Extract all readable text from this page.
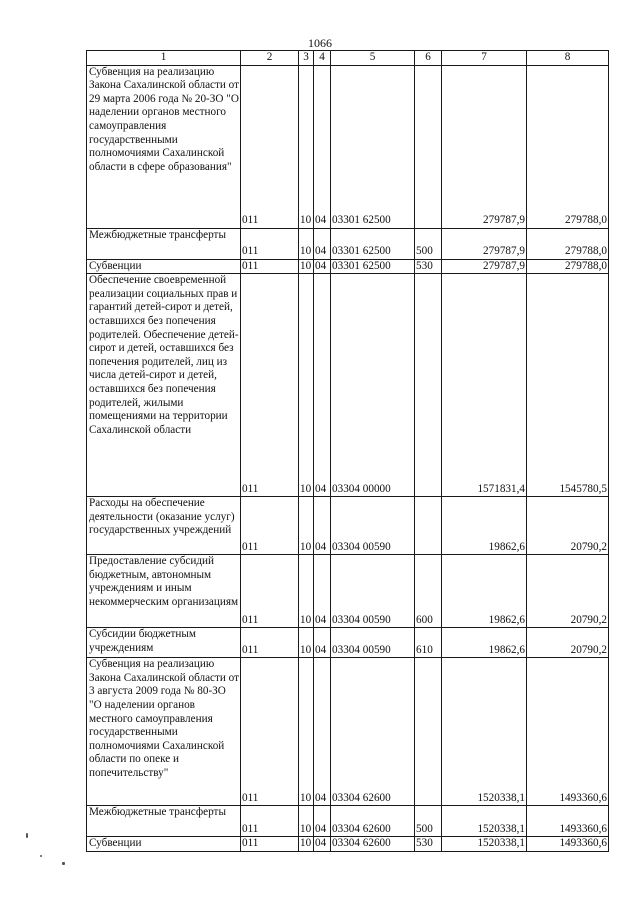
1066
1	2	3	4	5	6	7	8

Субвенция на реализацию Закона Сахалинской области от 29 марта 2006 года № 20-ЗО "О наделении органов местного самоуправления государственными полномочиями Сахалинской области в сфере образования"	011	10	04	03301 62500		279787,9	279788,0

Межбюджетные трансферты	011	10	04	03301 62500	500	279787,9	279788,0

Субвенции	011	10	04	03301 62500	530	279787,9	279788,0

Обеспечение своевременной реализации социальных прав и гарантий детей-сирот и детей, оставшихся без попечения родителей. Обеспечение детей-сирот и детей, оставшихся без попечения родителей, лиц из числа детей-сирот и детей, оставшихся без попечения родителей, жилыми помещениями на территории Сахалинской области	011	10	04	03304 00000		1571831,4	1545780,5

Расходы на обеспечение деятельности (оказание услуг) государственных учреждений	011	10	04	03304 00590		19862,6	20790,2

Предоставление субсидий бюджетным, автономным учреждениям и иным некоммерческим организациям	011	10	04	03304 00590	600	19862,6	20790,2

Субсидии бюджетным учреждениям	011	10	04	03304 00590	610	19862,6	20790,2

Субвенция на реализацию Закона Сахалинской области от 3 августа 2009 года № 80-ЗО "О наделении органов местного самоуправления государственными полномочиями Сахалинской области по опеке и попечительству"	011	10	04	03304 62600		1520338,1	1493360,6

Межбюджетные трансферты	011	10	04	03304 62600	500	1520338,1	1493360,6

Субвенции	011	10	04	03304 62600	530	1520338,1	1493360,6
